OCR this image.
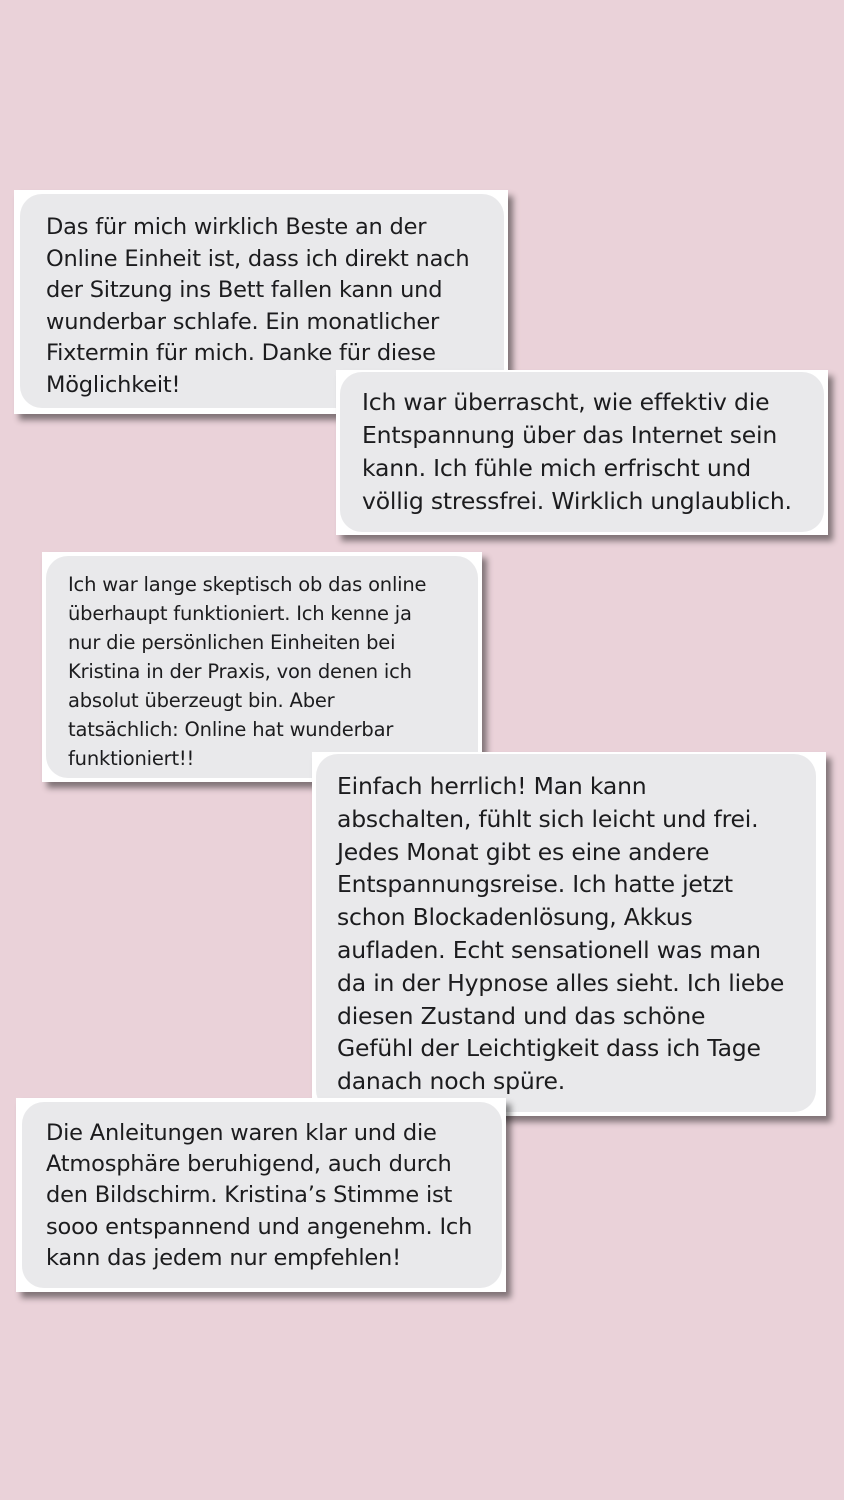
Das für mich wirklich Beste an der
Online Einheit ist, dass ich direkt nach
der Sitzung ins Bett fallen kann und
wunderbar schlafe. Ein monatlicher
Fixtermin für mich. Danke für diese
Möglichkeit!

Ich war überrascht, wie effektiv die
Entspannung über das Internet sein
kann. Ich fühle mich erfrischt und
völlig stressfrei. Wirklich unglaublich.

Ich war lange skeptisch ob das online
überhaupt funktioniert. Ich kenne ja
nur die persönlichen Einheiten bei
Kristina in der Praxis, von denen ich
absolut überzeugt bin. Aber
tatsächlich: Online hat wunderbar
funktioniert!!

Einfach herrlich! Man kann
abschalten, fühlt sich leicht und frei.
Jedes Monat gibt es eine andere
Entspannungsreise. Ich hatte jetzt
schon Blockadenlösung, Akkus
aufladen. Echt sensationell was man
da in der Hypnose alles sieht. Ich liebe
diesen Zustand und das schöne
Gefühl der Leichtigkeit dass ich Tage
danach noch spüre.

Die Anleitungen waren klar und die
Atmosphäre beruhigend, auch durch
den Bildschirm. Kristina’s Stimme ist
sooo entspannend und angenehm. Ich
kann das jedem nur empfehlen!
